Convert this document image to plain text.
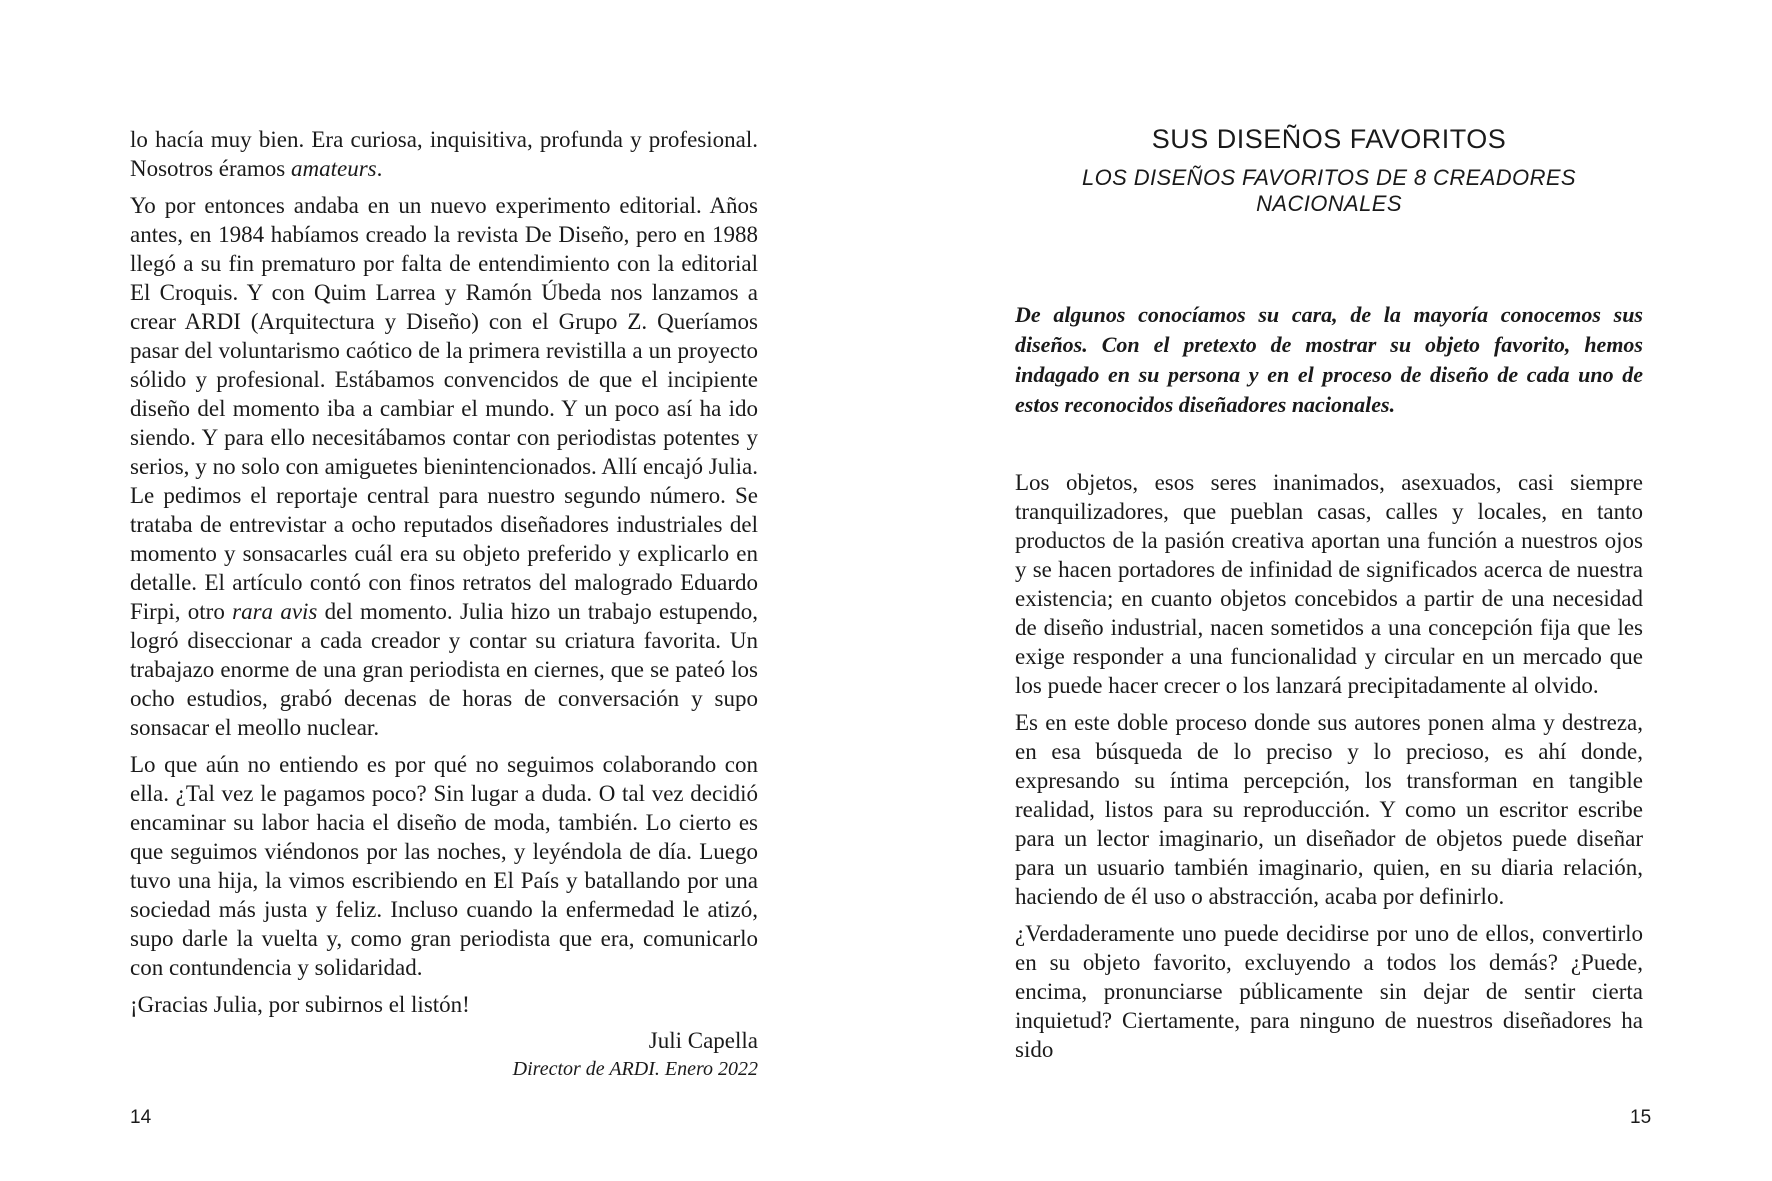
lo hacía muy bien. Era curiosa, inquisitiva, profunda y profesional. Nosotros éramos amateurs.

Yo por entonces andaba en un nuevo experimento editorial. Años antes, en 1984 habíamos creado la revista De Diseño, pero en 1988 llegó a su fin prematuro por falta de entendimiento con la editorial El Croquis. Y con Quim Larrea y Ramón Úbeda nos lanzamos a crear ARDI (Arquitectura y Diseño) con el Grupo Z. Queríamos pasar del voluntarismo caótico de la primera revistilla a un proyecto sólido y profesional. Estábamos convencidos de que el incipiente diseño del momento iba a cambiar el mundo. Y un poco así ha ido siendo. Y para ello necesitábamos contar con periodistas potentes y serios, y no solo con amiguetes bienintencionados. Allí encajó Julia. Le pedimos el reportaje central para nuestro segundo número. Se trataba de entrevistar a ocho reputados diseñadores industriales del momento y sonsacarles cuál era su objeto preferido y explicarlo en detalle. El artículo contó con finos retratos del malogrado Eduardo Firpi, otro rara avis del momento. Julia hizo un trabajo estupendo, logró diseccionar a cada creador y contar su criatura favorita. Un trabajazo enorme de una gran periodista en ciernes, que se pateó los ocho estudios, grabó decenas de horas de conversación y supo sonsacar el meollo nuclear.

Lo que aún no entiendo es por qué no seguimos colaborando con ella. ¿Tal vez le pagamos poco? Sin lugar a duda. O tal vez decidió encaminar su labor hacia el diseño de moda, también. Lo cierto es que seguimos viéndonos por las noches, y leyéndola de día. Luego tuvo una hija, la vimos escribiendo en El País y batallando por una sociedad más justa y feliz. Incluso cuando la enfermedad le atizó, supo darle la vuelta y, como gran periodista que era, comunicarlo con contundencia y solidaridad.

¡Gracias Julia, por subirnos el listón!

Juli Capella
Director de ARDI. Enero 2022
14
SUS DISEÑOS FAVORITOS
LOS DISEÑOS FAVORITOS DE 8 CREADORES NACIONALES

De algunos conocíamos su cara, de la mayoría conocemos sus diseños. Con el pretexto de mostrar su objeto favorito, hemos indagado en su persona y en el proceso de diseño de cada uno de estos reconocidos diseñadores nacionales.

Los objetos, esos seres inanimados, asexuados, casi siempre tranquilizadores, que pueblan casas, calles y locales, en tanto productos de la pasión creativa aportan una función a nuestros ojos y se hacen portadores de infinidad de significados acerca de nuestra existencia; en cuanto objetos concebidos a partir de una necesidad de diseño industrial, nacen sometidos a una concepción fija que les exige responder a una funcionalidad y circular en un mercado que los puede hacer crecer o los lanzará precipitadamente al olvido.

Es en este doble proceso donde sus autores ponen alma y destreza, en esa búsqueda de lo preciso y lo precioso, es ahí donde, expresando su íntima percepción, los transforman en tangible realidad, listos para su reproducción. Y como un escritor escribe para un lector imaginario, un diseñador de objetos puede diseñar para un usuario también imaginario, quien, en su diaria relación, haciendo de él uso o abstracción, acaba por definirlo.

¿Verdaderamente uno puede decidirse por uno de ellos, convertirlo en su objeto favorito, excluyendo a todos los demás? ¿Puede, encima, pronunciarse públicamente sin dejar de sentir cierta inquietud? Ciertamente, para ninguno de nuestros diseñadores ha sido

15
